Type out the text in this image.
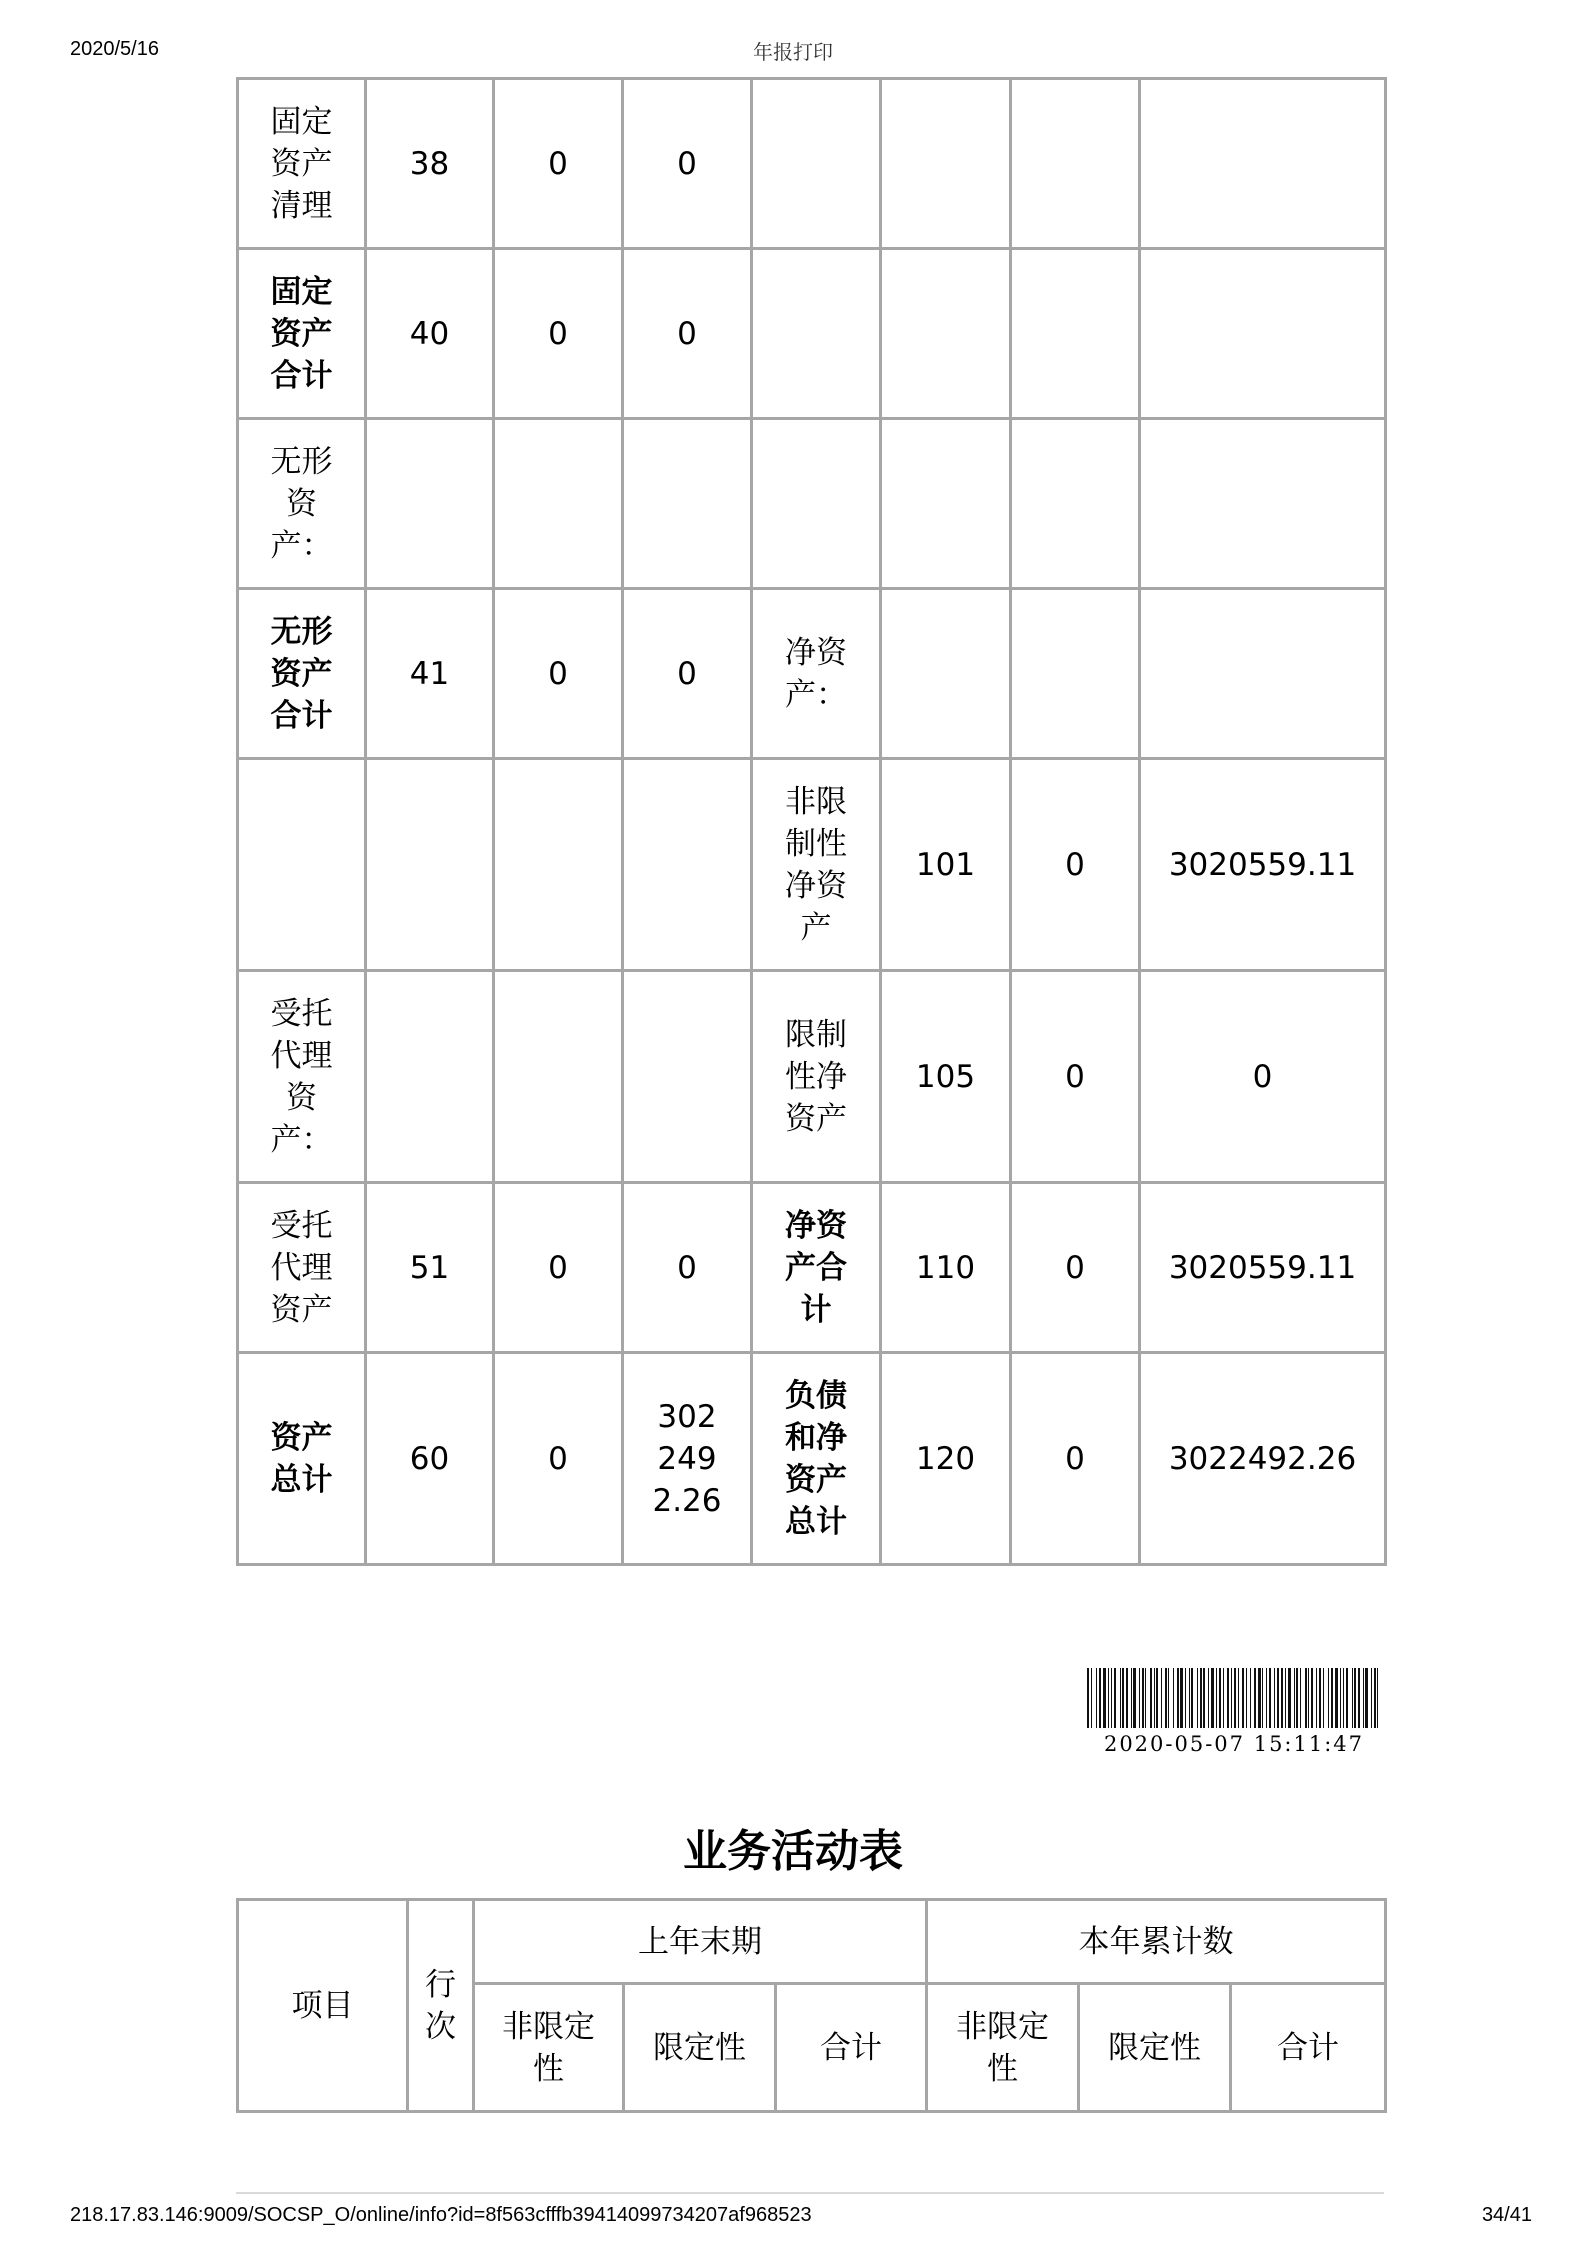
2020/5/16	年报打印
固定资产清理	38	0	0				
固定资产合计	40	0	0				
无形资产：							
无形资产合计	41	0	0	净资产：			
				非限制性净资产	101	0	3020559.11
受托代理资产：				限制性净资产	105	0	0
受托代理资产	51	0	0	净资产合计	110	0	3020559.11
资产总计	60	0	3022492.26	负债和净资产总计	120	0	3022492.26
2020-05-07 15:11:47
业务活动表
项目	行次	上年末期			本年累计数		
		非限定性	限定性	合计	非限定性	限定性	合计
218.17.83.146:9009/SOCSP_O/online/info?id=8f563cfffb39414099734207af968523	34/41
